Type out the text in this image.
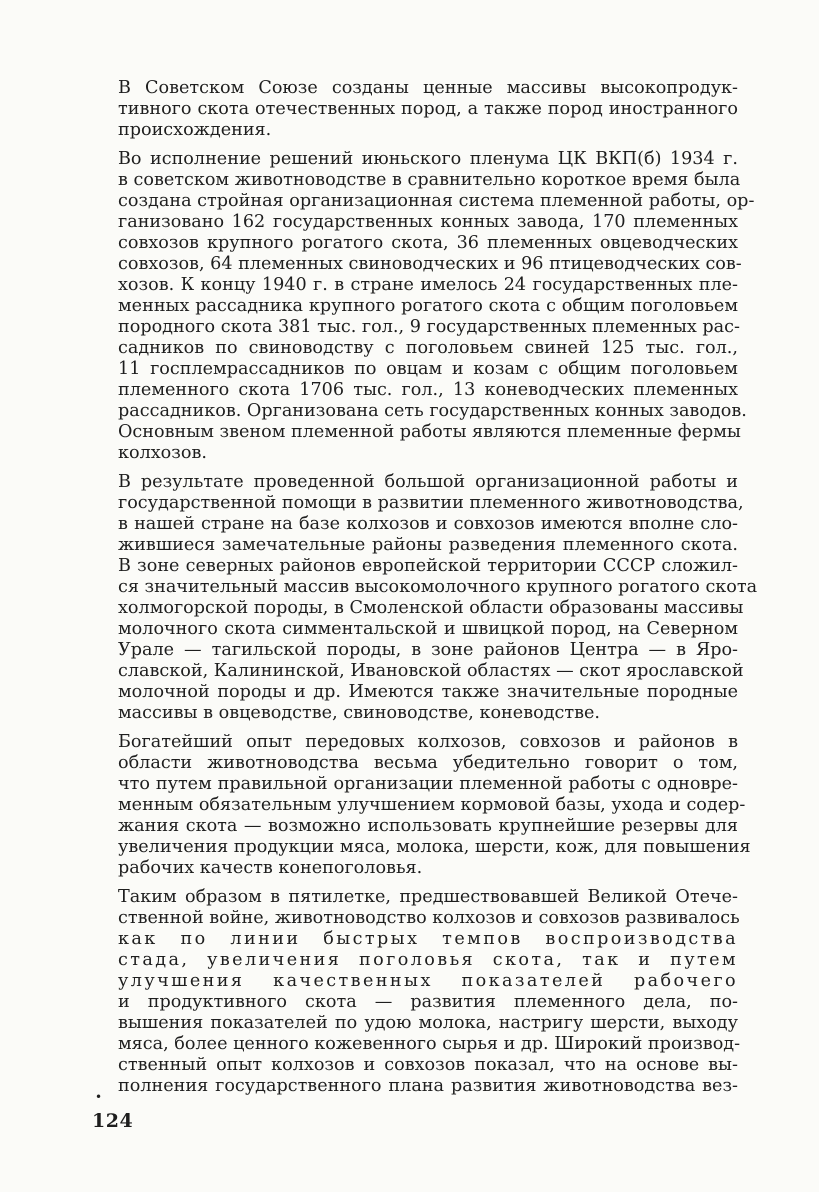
В Советском Союзе созданы ценные массивы высокопродук-
тивного скота отечественных пород, а также пород иностранного
происхождения.
Во исполнение решений июньского пленума ЦК ВКП(б) 1934 г.
в советском животноводстве в сравнительно короткое время была
создана стройная организационная система племенной работы, ор-
ганизовано 162 государственных конных завода, 170 племенных
совхозов крупного рогатого скота, 36 племенных овцеводческих
совхозов, 64 племенных свиноводческих и 96 птицеводческих сов-
хозов. К концу 1940 г. в стране имелось 24 государственных пле-
менных рассадника крупного рогатого скота с общим поголовьем
породного скота 381 тыс. гол., 9 государственных племенных рас-
садников по свиноводству с поголовьем свиней 125 тыс. гол.,
11 госплемрассадников по овцам и козам с общим поголовьем
племенного скота 1706 тыс. гол., 13 коневодческих племенных
рассадников. Организована сеть государственных конных заводов.
Основным звеном племенной работы являются племенные фермы
колхозов.
В результате проведенной большой организационной работы и
государственной помощи в развитии племенного животноводства,
в нашей стране на базе колхозов и совхозов имеются вполне сло-
жившиеся замечательные районы разведения племенного скота.
В зоне северных районов европейской территории СССР сложил-
ся значительный массив высокомолочного крупного рогатого скота
холмогорской породы, в Смоленской области образованы массивы
молочного скота симментальской и швицкой пород, на Северном
Урале — тагильской породы, в зоне районов Центра — в Яро-
славской, Калининской, Ивановской областях — скот ярославской
молочной породы и др. Имеются также значительные породные
массивы в овцеводстве, свиноводстве, коневодстве.
Богатейший опыт передовых колхозов, совхозов и районов в
области животноводства весьма убедительно говорит о том,
что путем правильной организации племенной работы с одновре-
менным обязательным улучшением кормовой базы, ухода и содер-
жания скота — возможно использовать крупнейшие резервы для
увеличения продукции мяса, молока, шерсти, кож, для повышения
рабочих качеств конепоголовья.
Таким образом в пятилетке, предшествовавшей Великой Отече-
ственной войне, животноводство колхозов и совхозов развивалось
как по линии быстрых темпов воспроизводства
стада, увеличения поголовья скота, так и путем
улучшения качественных показателей рабочего
и продуктивного скота — развития племенного дела, по-
вышения показателей по удою молока, настригу шерсти, выходу
мяса, более ценного кожевенного сырья и др. Широкий производ-
ственный опыт колхозов и совхозов показал, что на основе вы-
полнения государственного плана развития животноводства вез-
•
124
